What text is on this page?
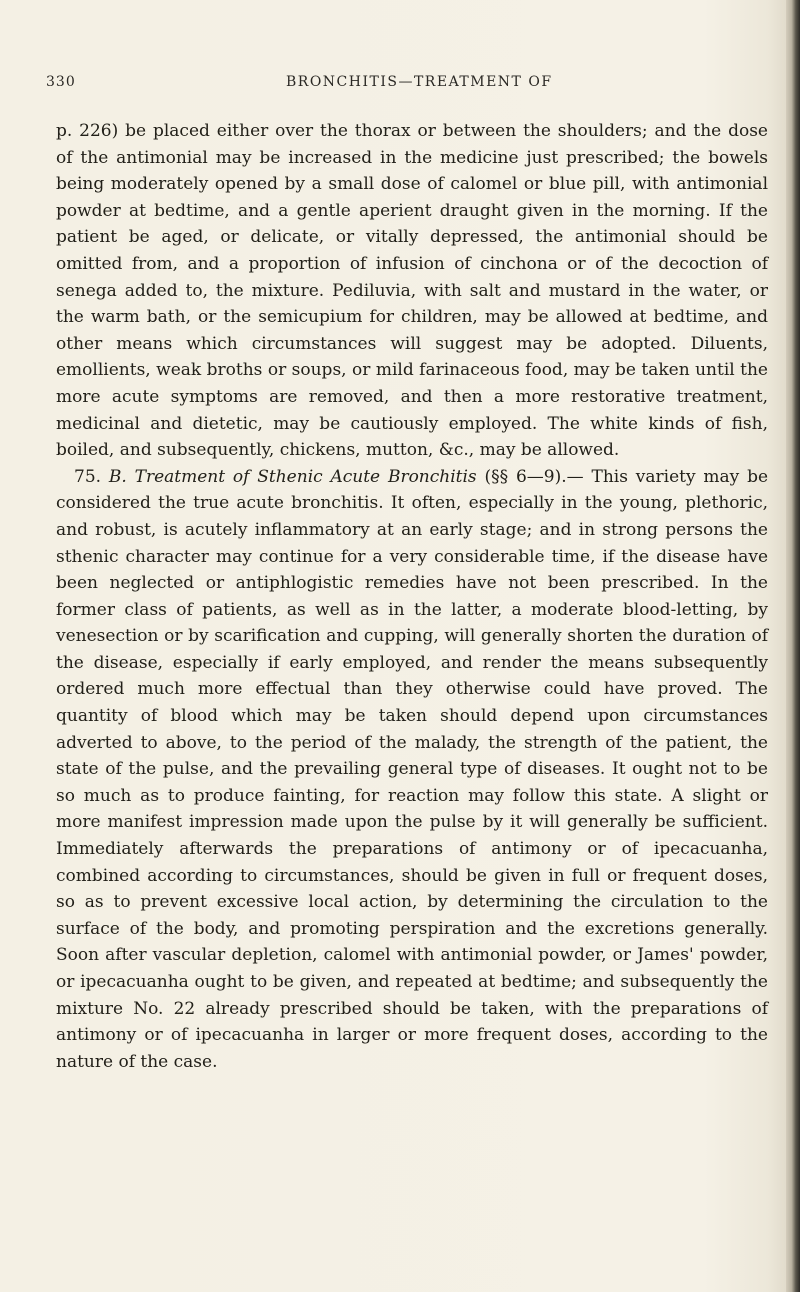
330	BRONCHITIS—TREATMENT OF

p. 226) be placed either over the thorax or between the shoulders; and the dose of the antimonial may be increased in the medicine just prescribed; the bowels being moderately opened by a small dose of calomel or blue pill, with antimonial powder at bedtime, and a gentle aperient draught given in the morning. If the patient be aged, or delicate, or vitally depressed, the antimonial should be omitted from, and a proportion of infusion of cinchona or of the decoction of senega added to, the mixture. Pediluvia, with salt and mustard in the water, or the warm bath, or the semicupium for children, may be allowed at bedtime, and other means which circumstances will suggest may be adopted. Diluents, emollients, weak broths or soups, or mild farinaceous food, may be taken until the more acute symptoms are removed, and then a more restorative treatment, medicinal and dietetic, may be cautiously employed. The white kinds of fish, boiled, and subsequently, chickens, mutton, &c., may be allowed.

75. B. Treatment of Sthenic Acute Bronchitis (§§ 6—9).— This variety may be considered the true acute bronchitis. It often, especially in the young, plethoric, and robust, is acutely inflammatory at an early stage; and in strong persons the sthenic character may continue for a very considerable time, if the disease have been neglected or antiphlogistic remedies have not been prescribed. In the former class of patients, as well as in the latter, a moderate blood-letting, by venesection or by scarification and cupping, will generally shorten the duration of the disease, especially if early employed, and render the means subsequently ordered much more effectual than they otherwise could have proved. The quantity of blood which may be taken should depend upon circumstances adverted to above, to the period of the malady, the strength of the patient, the state of the pulse, and the prevailing general type of diseases. It ought not to be so much as to produce fainting, for reaction may follow this state. A slight or more manifest impression made upon the pulse by it will generally be sufficient. Immediately afterwards the preparations of antimony or of ipecacuanha, combined according to circumstances, should be given in full or frequent doses, so as to prevent excessive local action, by determining the circulation to the surface of the body, and promoting perspiration and the excretions generally. Soon after vascular depletion, calomel with antimonial powder, or James' powder, or ipecacuanha ought to be given, and repeated at bedtime; and subsequently the mixture No. 22 already prescribed should be taken, with the preparations of antimony or of ipecacuanha in larger or more frequent doses, according to the nature of the case.
